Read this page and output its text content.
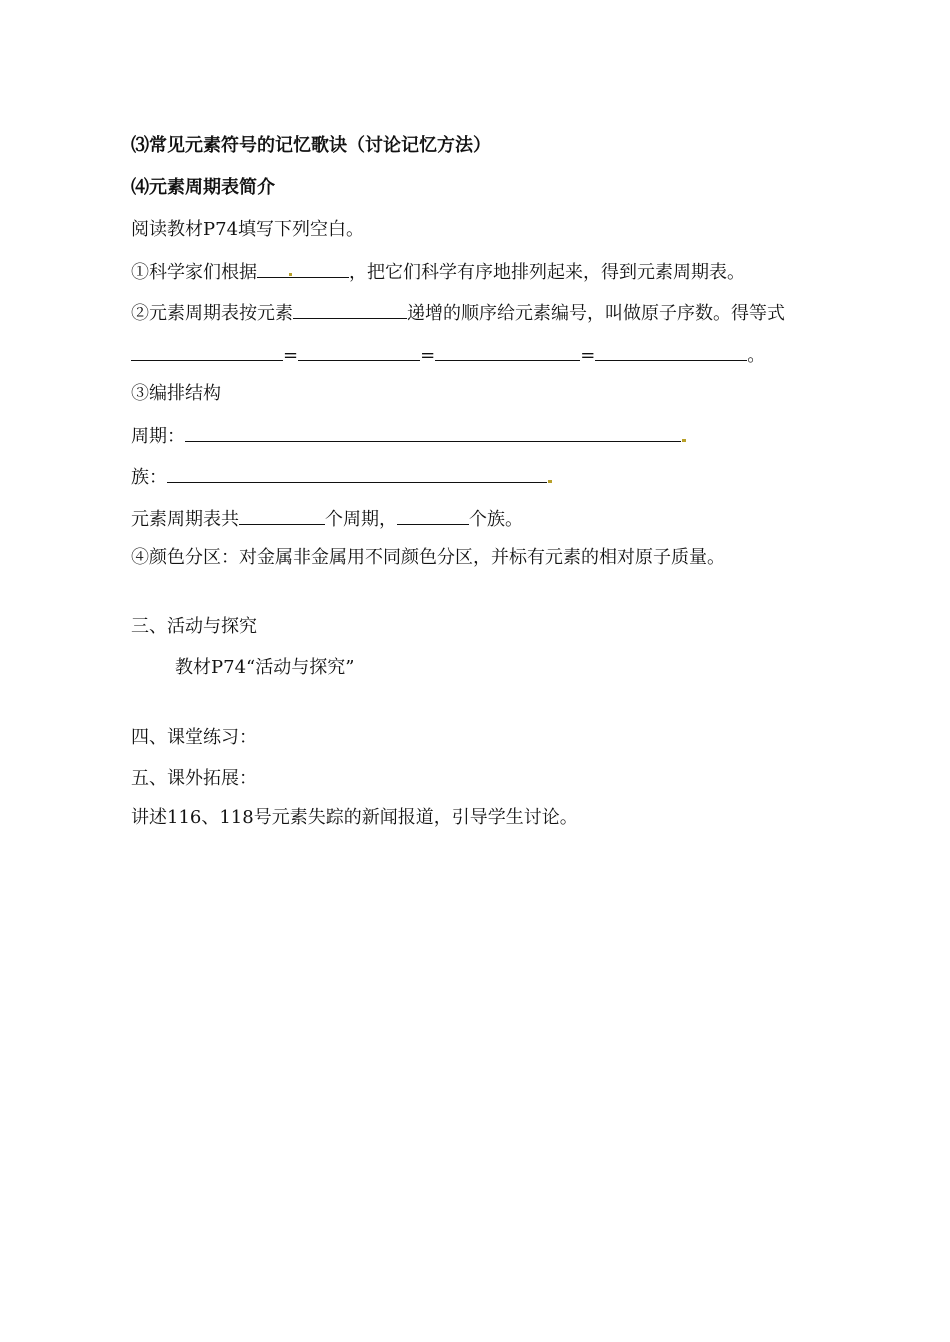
⑶常见元素符号的记忆歌诀（讨论记忆方法）
⑷元素周期表简介
阅读教材P74填写下列空白。
①科学家们根据	，把它们科学有序地排列起来，得到元素周期表。
②元素周期表按元素	递增的顺序给元素编号，叫做原子序数。得等式
=	=	=	。
③编排结构
周期：
族：
元素周期表共	个周期，	个族。
④颜色分区：对金属非金属用不同颜色分区，并标有元素的相对原子质量。
三、活动与探究
教材P74“活动与探究”
四、课堂练习：
五、课外拓展：
讲述116、118号元素失踪的新闻报道，引导学生讨论。
